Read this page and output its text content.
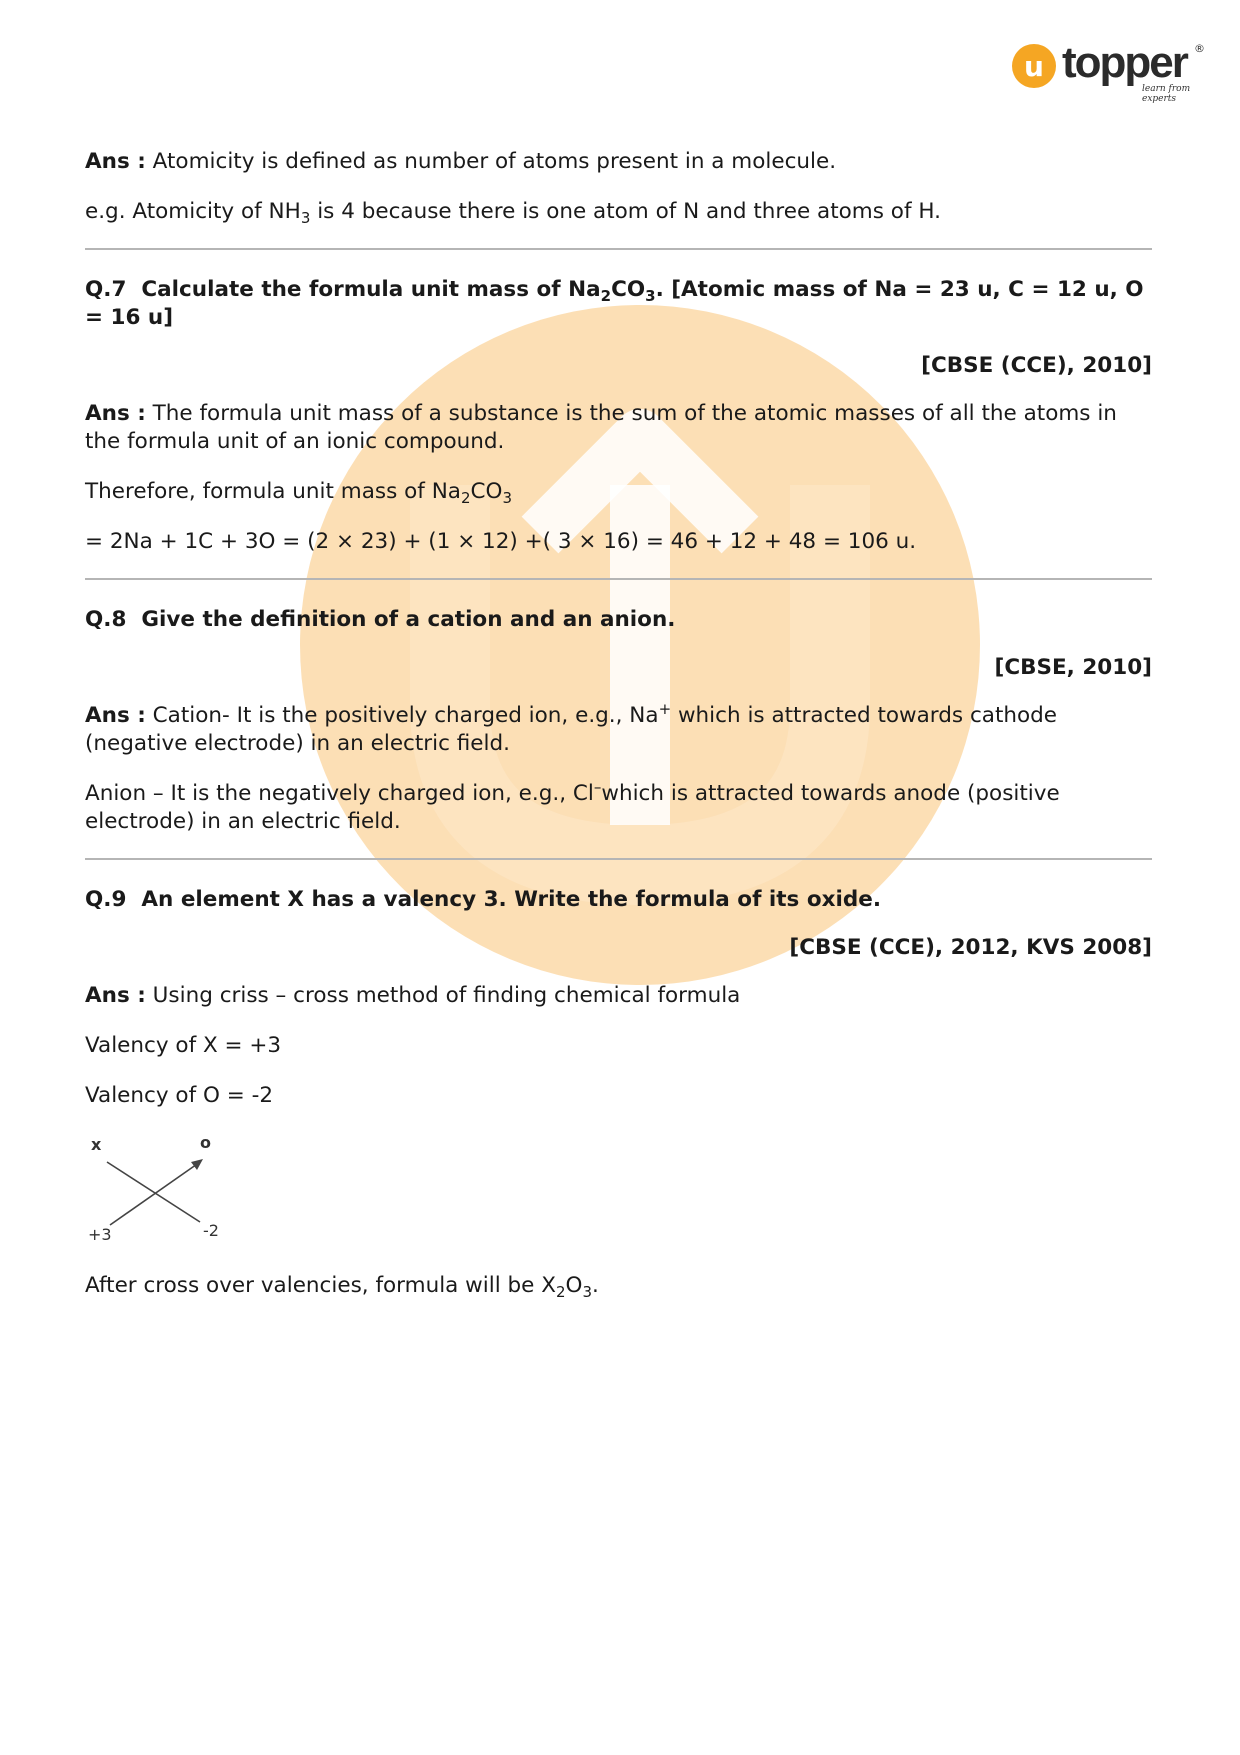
u topper ®
learn from experts

Ans : Atomicity is defined as number of atoms present in a molecule.

e.g. Atomicity of $NH_3$ is 4 because there is one atom of N and three atoms of H.

Q.7 Calculate the formula unit mass of $Na_2CO_3$. [Atomic mass of Na = 23 u, C = 12 u, O = 16 u]

[CBSE (CCE), 2010]

Ans : The formula unit mass of a substance is the sum of the atomic masses of all the atoms in the formula unit of an ionic compound.

Therefore, formula unit mass of $Na_2CO_3$

= 2Na + 1C + 3O = (2 × 23) + (1 × 12) +( 3 × 16) = 46 + 12 + 48 = 106 u.

Q.8 Give the definition of a cation and an anion.

[CBSE, 2010]

Ans : Cation- It is the positively charged ion, e.g., Na+ which is attracted towards cathode (negative electrode) in an electric field.

Anion – It is the negatively charged ion, e.g., Cl–which is attracted towards anode (positive electrode) in an electric field.

Q.9 An element X has a valency 3. Write the formula of its oxide.

[CBSE (CCE), 2012, KVS 2008]

Ans : Using criss – cross method of finding chemical formula

Valency of X = +3

Valency of O = -2

x	o
+3	-2

After cross over valencies, formula will be $X_2O_3$.
